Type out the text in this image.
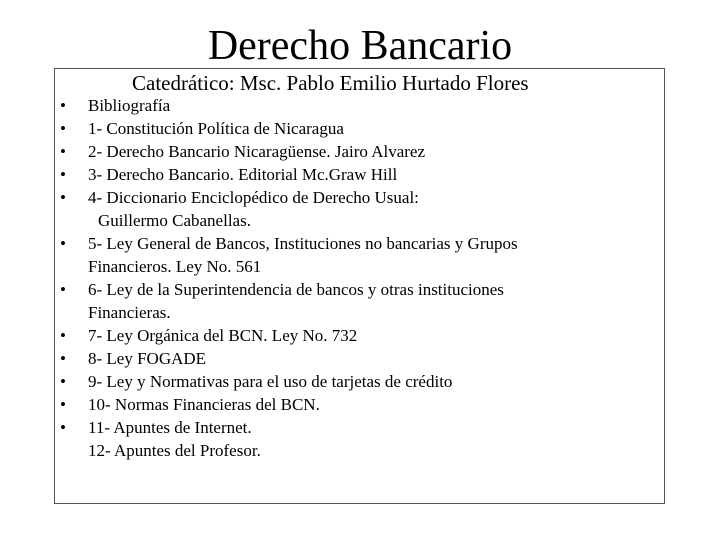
Derecho Bancario
Catedrático: Msc. Pablo Emilio Hurtado Flores
• Bibliografía
• 1- Constitución Política de Nicaragua
• 2- Derecho Bancario Nicaragüense. Jairo Alvarez
• 3- Derecho Bancario. Editorial Mc.Graw Hill
• 4- Diccionario Enciclopédico de Derecho Usual:
Guillermo Cabanellas.
• 5- Ley General de Bancos, Instituciones no bancarias y Grupos
Financieros. Ley No. 561
• 6- Ley de la Superintendencia de bancos y otras instituciones
Financieras.
• 7- Ley Orgánica del BCN. Ley No. 732
• 8- Ley FOGADE
• 9- Ley y Normativas para el uso de tarjetas de crédito
• 10- Normas Financieras del BCN.
• 11- Apuntes de Internet.
12- Apuntes del Profesor.
